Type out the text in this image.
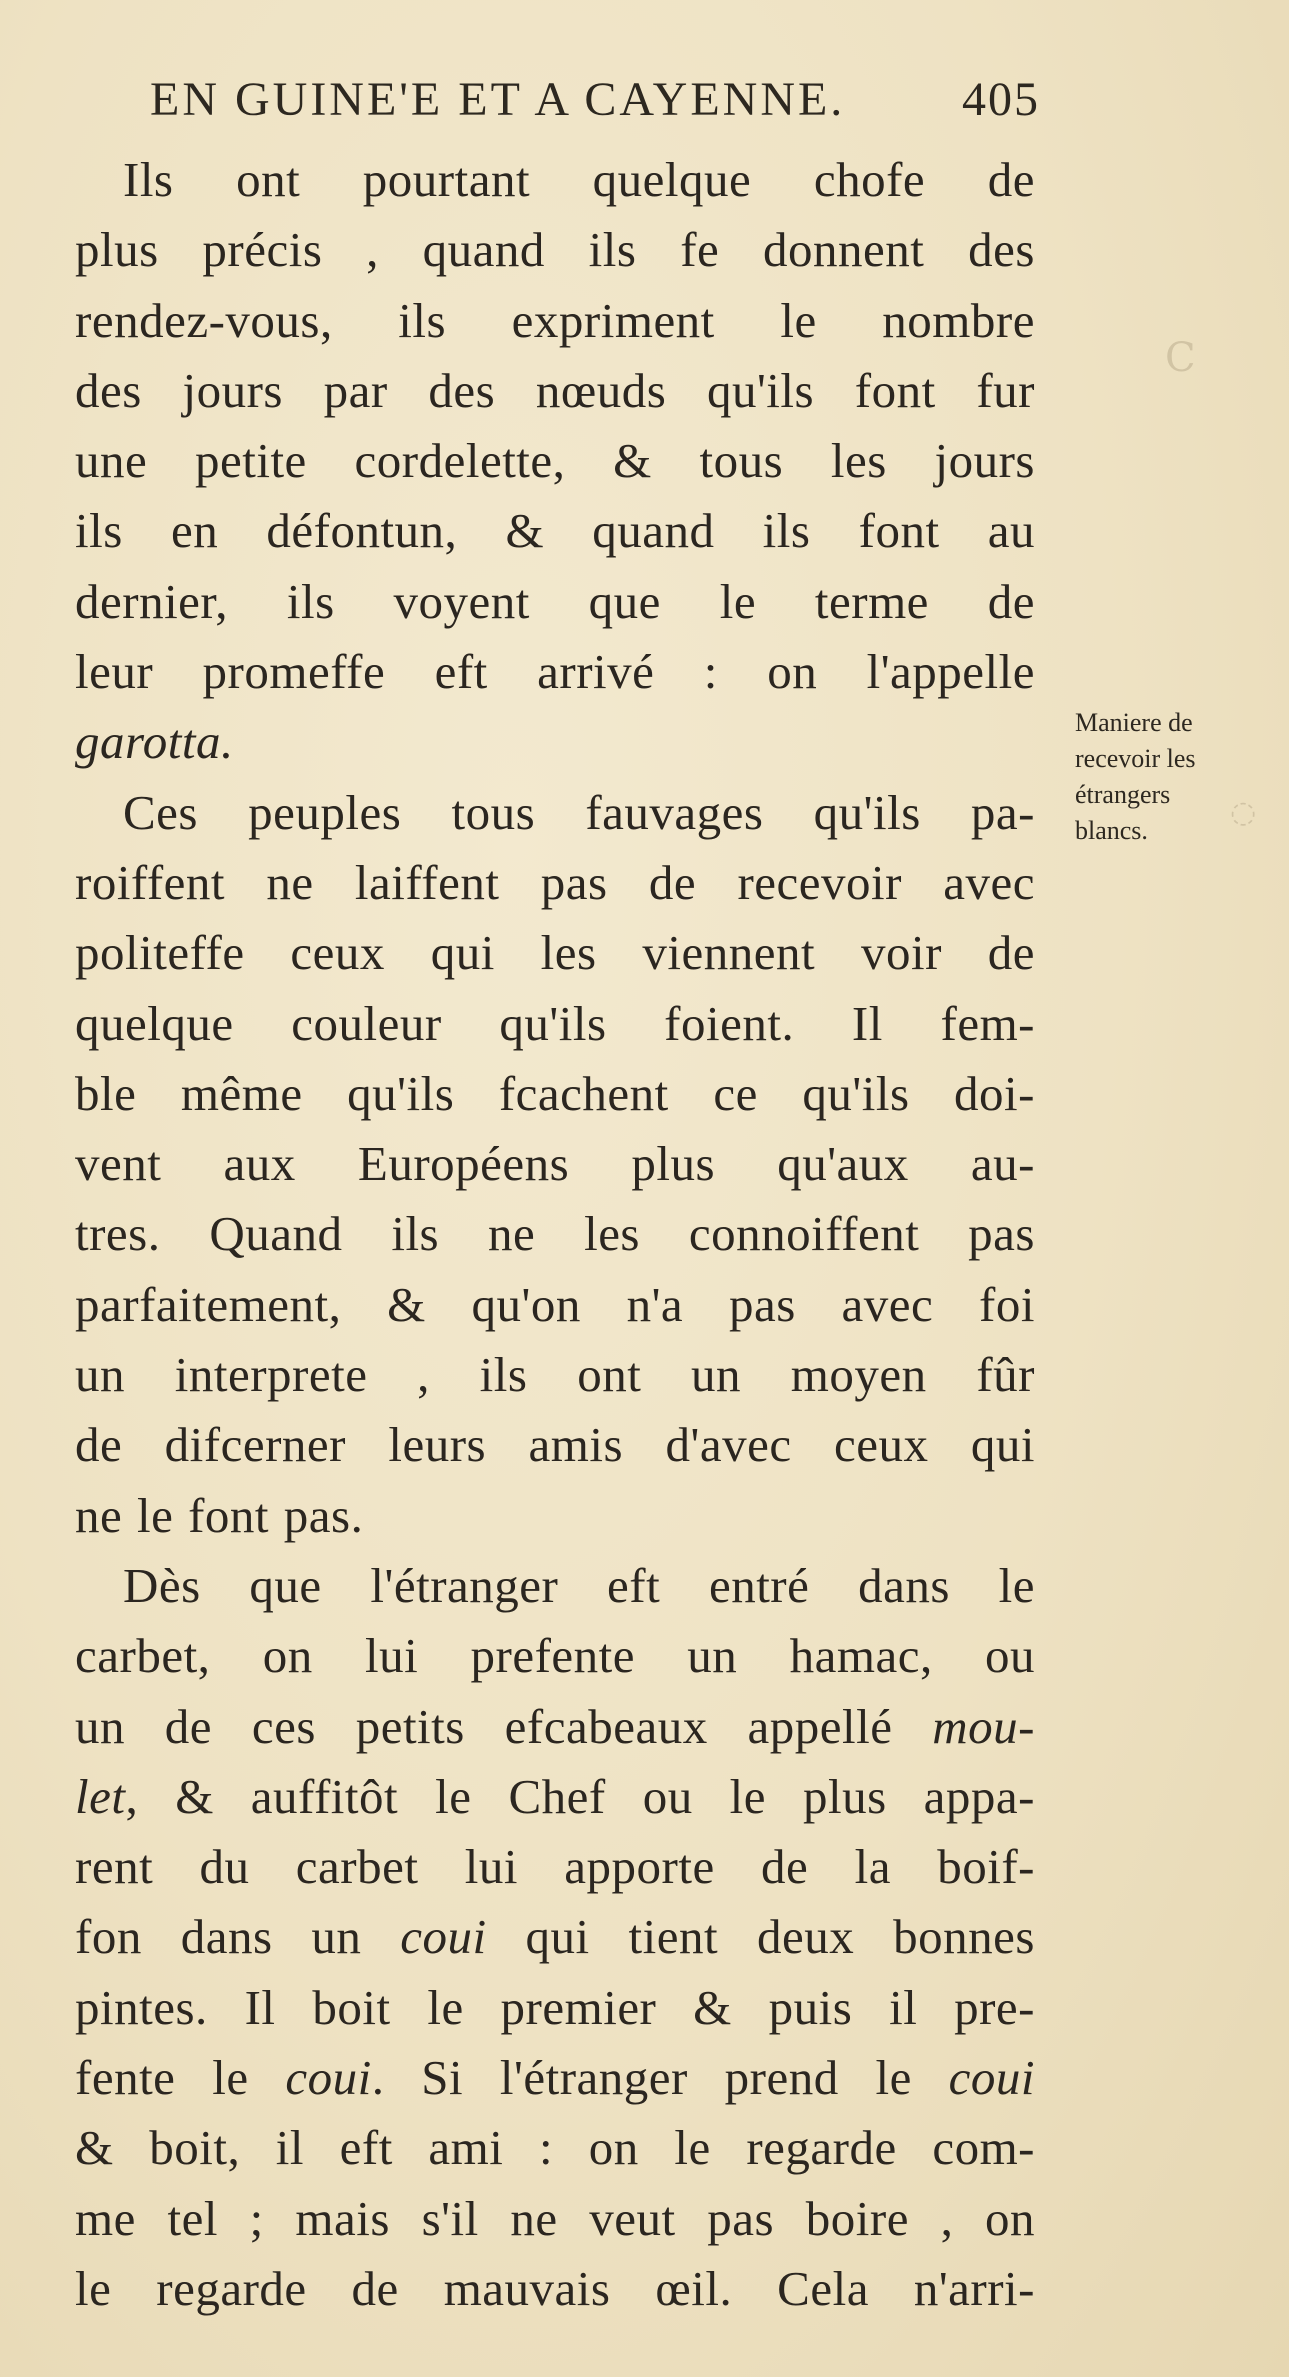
EN GUINE'E ET A CAYENNE. 405
Ils ont pourtant quelque chofe de
plus précis , quand ils fe donnent des
rendez-vous, ils expriment le nombre
des jours par des nœuds qu'ils font fur
une petite cordelette, & tous les jours
ils en défontun, & quand ils font au
dernier, ils voyent que le terme de
leur promeffe eft arrivé : on l'appelle
garotta.
Ces peuples tous fauvages qu'ils pa-
roiffent ne laiffent pas de recevoir avec
politeffe ceux qui les viennent voir de
quelque couleur qu'ils foient. Il fem-
ble même qu'ils fcachent ce qu'ils doi-
vent aux Européens plus qu'aux au-
tres. Quand ils ne les connoiffent pas
parfaitement, & qu'on n'a pas avec foi
un interprete , ils ont un moyen fûr
de difcerner leurs amis d'avec ceux qui
ne le font pas.
Dès que l'étranger eft entré dans le
carbet, on lui prefente un hamac, ou
un de ces petits efcabeaux appellé mou-
let, & auffitôt le Chef ou le plus appa-
rent du carbet lui apporte de la boif-
fon dans un coui qui tient deux bonnes
pintes. Il boit le premier & puis il pre-
fente le coui. Si l'étranger prend le coui
& boit, il eft ami : on le regarde com-
me tel ; mais s'il ne veut pas boire , on
le regarde de mauvais œil. Cela n'arri-
Maniere de
recevoir les
étrangers
blancs.
C
◌
